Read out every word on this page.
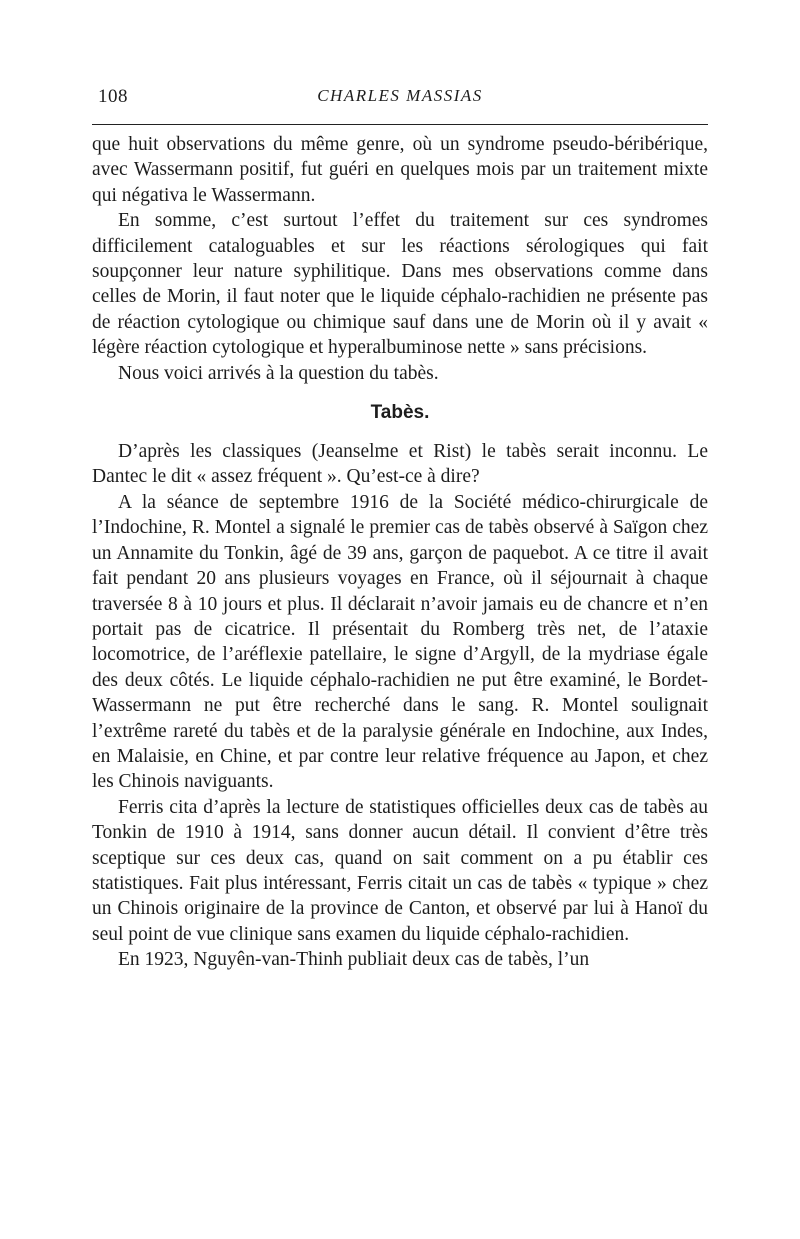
108	CHARLES MASSIAS

que huit observations du même genre, où un syndrome pseudo-béribérique, avec Wassermann positif, fut guéri en quelques mois par un traitement mixte qui négativa le Wassermann.

En somme, c’est surtout l’effet du traitement sur ces syndromes difficilement cataloguables et sur les réactions sérologiques qui fait soupçonner leur nature syphilitique. Dans mes observations comme dans celles de Morin, il faut noter que le liquide céphalo-rachidien ne présente pas de réaction cytologique ou chimique sauf dans une de Morin où il y avait « légère réaction cytologique et hyperalbuminose nette » sans précisions.

Nous voici arrivés à la question du tabès.

Tabès.

D’après les classiques (Jeanselme et Rist) le tabès serait inconnu. Le Dantec le dit « assez fréquent ». Qu’est-ce à dire?

A la séance de septembre 1916 de la Société médico-chirurgicale de l’Indochine, R. Montel a signalé le premier cas de tabès observé à Saïgon chez un Annamite du Tonkin, âgé de 39 ans, garçon de paquebot. A ce titre il avait fait pendant 20 ans plusieurs voyages en France, où il séjournait à chaque traversée 8 à 10 jours et plus. Il déclarait n’avoir jamais eu de chancre et n’en portait pas de cicatrice. Il présentait du Romberg très net, de l’ataxie locomotrice, de l’aréflexie patellaire, le signe d’Argyll, de la mydriase égale des deux côtés. Le liquide céphalo-rachidien ne put être examiné, le Bordet-Wassermann ne put être recherché dans le sang. R. Montel soulignait l’extrême rareté du tabès et de la paralysie générale en Indochine, aux Indes, en Malaisie, en Chine, et par contre leur relative fréquence au Japon, et chez les Chinois naviguants.

Ferris cita d’après la lecture de statistiques officielles deux cas de tabès au Tonkin de 1910 à 1914, sans donner aucun détail. Il convient d’être très sceptique sur ces deux cas, quand on sait comment on a pu établir ces statistiques. Fait plus intéressant, Ferris citait un cas de tabès « typique » chez un Chinois originaire de la province de Canton, et observé par lui à Hanoï du seul point de vue clinique sans examen du liquide céphalo-rachidien.

En 1923, Nguyên-van-Thinh publiait deux cas de tabès, l’un
